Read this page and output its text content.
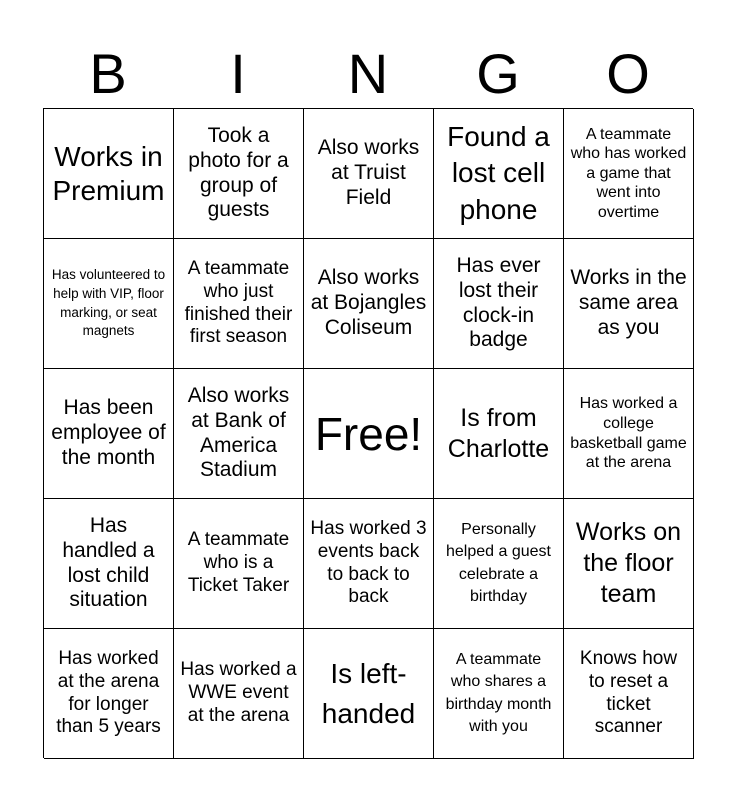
B	I	N	G	O
Works in Premium
Took a photo for a group of guests
Also works at Truist Field
Found a lost cell phone
A teammate who has worked a game that went into overtime
Has volunteered to help with VIP, floor marking, or seat magnets
A teammate who just finished their first season
Also works at Bojangles Coliseum
Has ever lost their clock-in badge
Works in the same area as you
Has been employee of the month
Also works at Bank of America Stadium
Free!	Is from Charlotte
Has worked a college basketball game at the arena
Has handled a lost child situation
A teammate who is a Ticket Taker
Has worked 3 events back to back to back
Personally helped a guest celebrate a birthday
Works on the floor team
Has worked at the arena for longer than 5 years
Has worked a WWE event at the arena
Is left-handed
A teammate who shares a birthday month with you
Knows how to reset a ticket scanner
